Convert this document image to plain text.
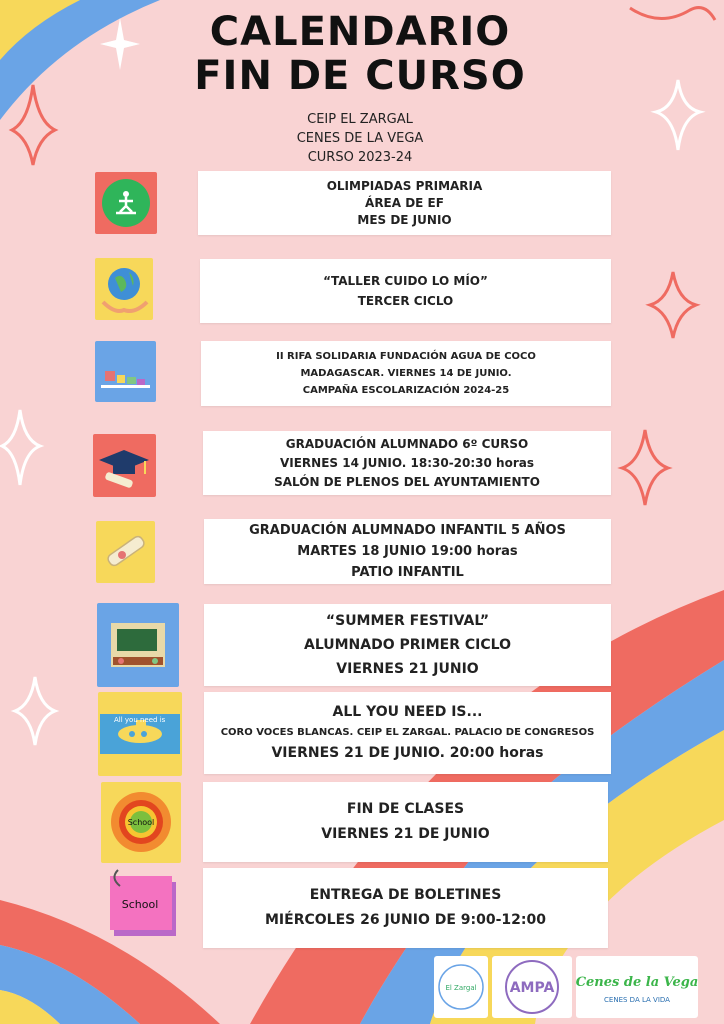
CALENDARIO
FIN DE CURSO
CEIP EL ZARGAL
CENES DE LA VEGA
CURSO 2023-24
OLIMPIADAS PRIMARIA
ÁREA DE EF
MES DE JUNIO
“TALLER CUIDO LO MÍO”
TERCER CICLO
II RIFA SOLIDARIA FUNDACIÓN AGUA DE COCO
MADAGASCAR. VIERNES 14 DE JUNIO.
CAMPAÑA ESCOLARIZACIÓN 2024-25
GRADUACIÓN ALUMNADO 6º CURSO
VIERNES 14 JUNIO. 18:30-20:30 horas
SALÓN DE PLENOS DEL AYUNTAMIENTO
GRADUACIÓN ALUMNADO INFANTIL 5 AÑOS
MARTES 18 JUNIO 19:00 horas
PATIO INFANTIL
“SUMMER FESTIVAL”
ALUMNADO PRIMER CICLO
VIERNES 21 JUNIO
All you need is	ALL YOU NEED IS...
CORO VOCES BLANCAS. CEIP EL ZARGAL. PALACIO DE CONGRESOS
VIERNES 21 DE JUNIO. 20:00 horas
School
FIN DE CLASES
VIERNES 21 DE JUNIO
School
ENTREGA DE BOLETINES
MIÉRCOLES 26 JUNIO DE 9:00-12:00
El Zargal AMPA Cenes de la Vega
CENES DA LA VIDA
